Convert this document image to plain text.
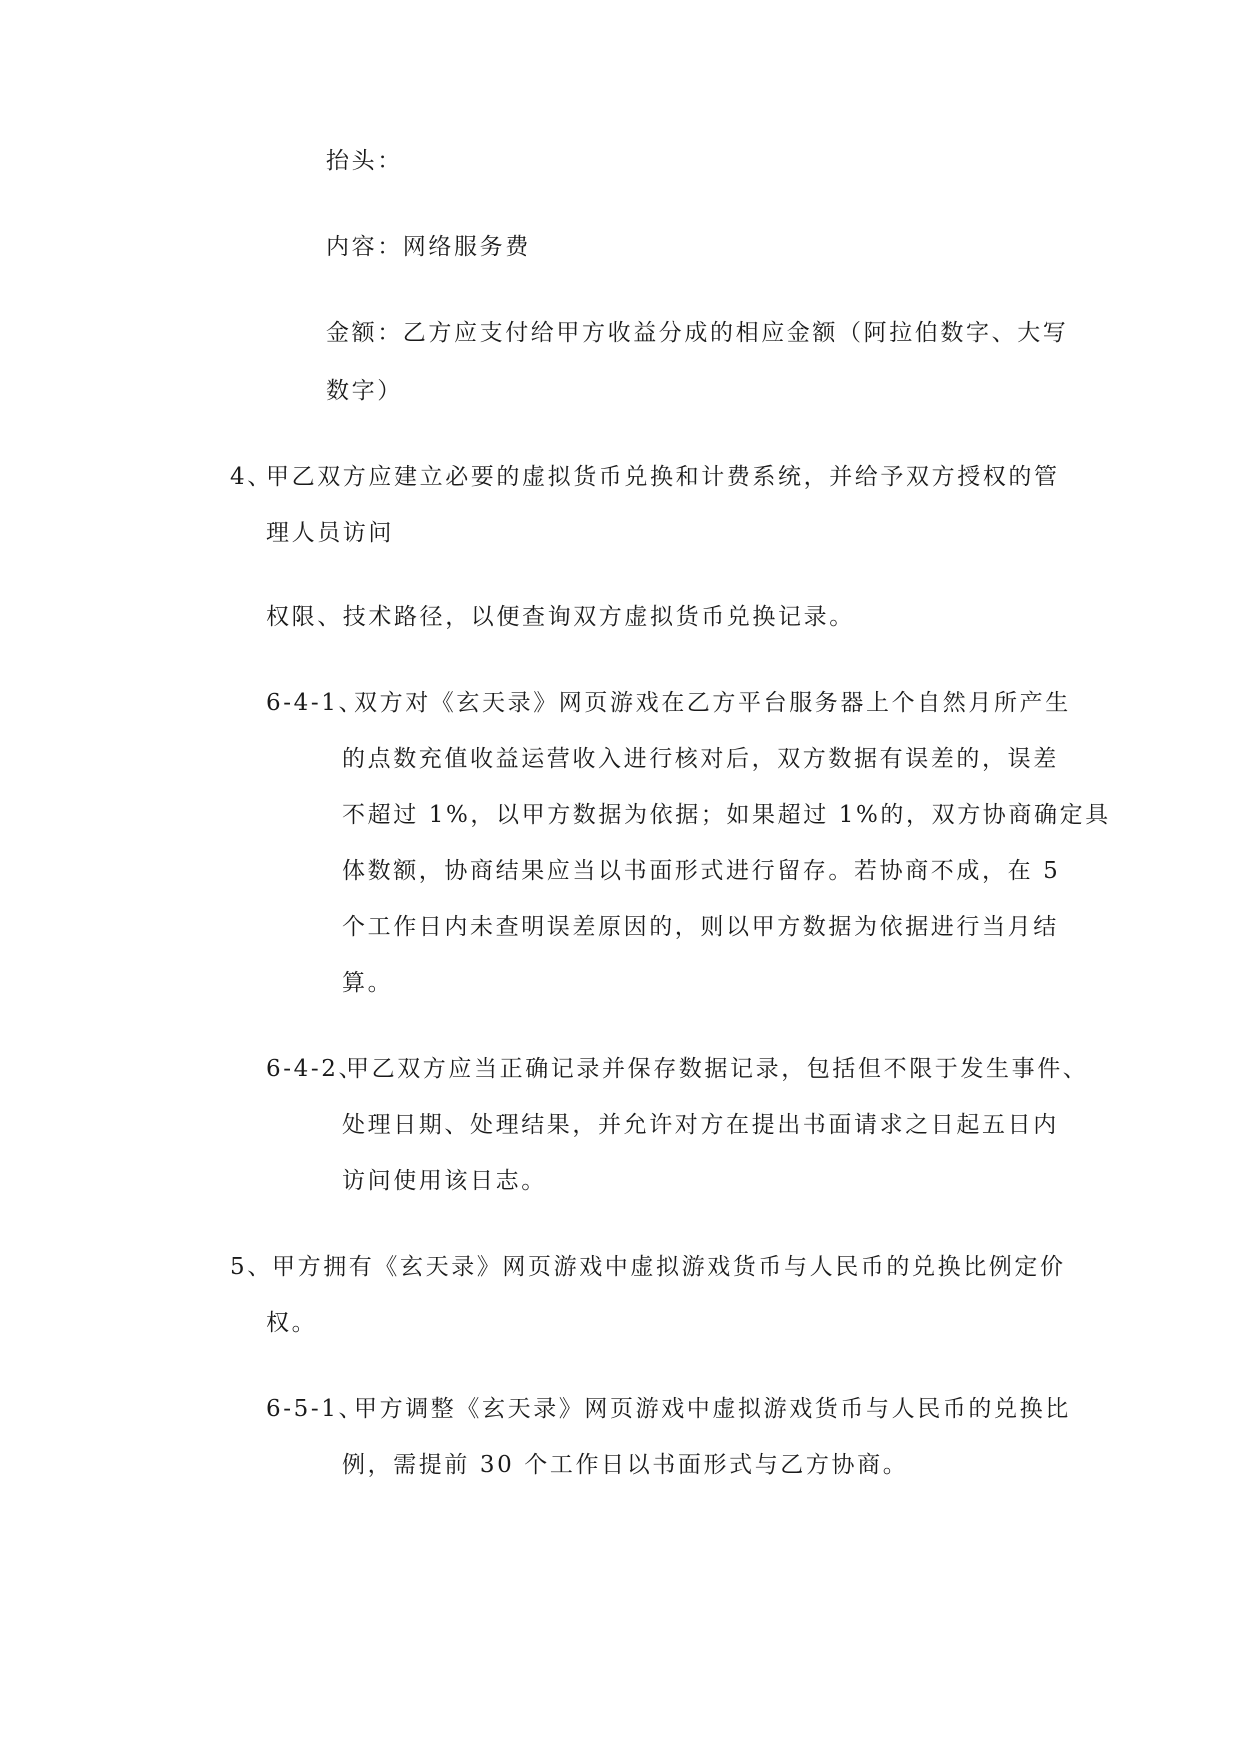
抬头：
内容：网络服务费
金额：乙方应支付给甲方收益分成的相应金额（阿拉伯数字、大写
数字）
4、
甲乙双方应建立必要的虚拟货币兑换和计费系统，并给予双方授权的管
理人员访问
权限、技术路径，以便查询双方虚拟货币兑换记录。
6-4-1、
双方对《玄天录》网页游戏在乙方平台服务器上个自然月所产生
的点数充值收益运营收入进行核对后，双方数据有误差的，误差
不超过 1%，以甲方数据为依据；如果超过 1%的，双方协商确定具
体数额，协商结果应当以书面形式进行留存。若协商不成，在 5
个工作日内未查明误差原因的，则以甲方数据为依据进行当月结
算。
6-4-2、
甲乙双方应当正确记录并保存数据记录，包括但不限于发生事件、
处理日期、处理结果，并允许对方在提出书面请求之日起五日内
访问使用该日志。
5、 甲方拥有《玄天录》网页游戏中虚拟游戏货币与人民币的兑换比例定价
权。
6-5-1、
甲方调整《玄天录》网页游戏中虚拟游戏货币与人民币的兑换比
例，需提前 30 个工作日以书面形式与乙方协商。
